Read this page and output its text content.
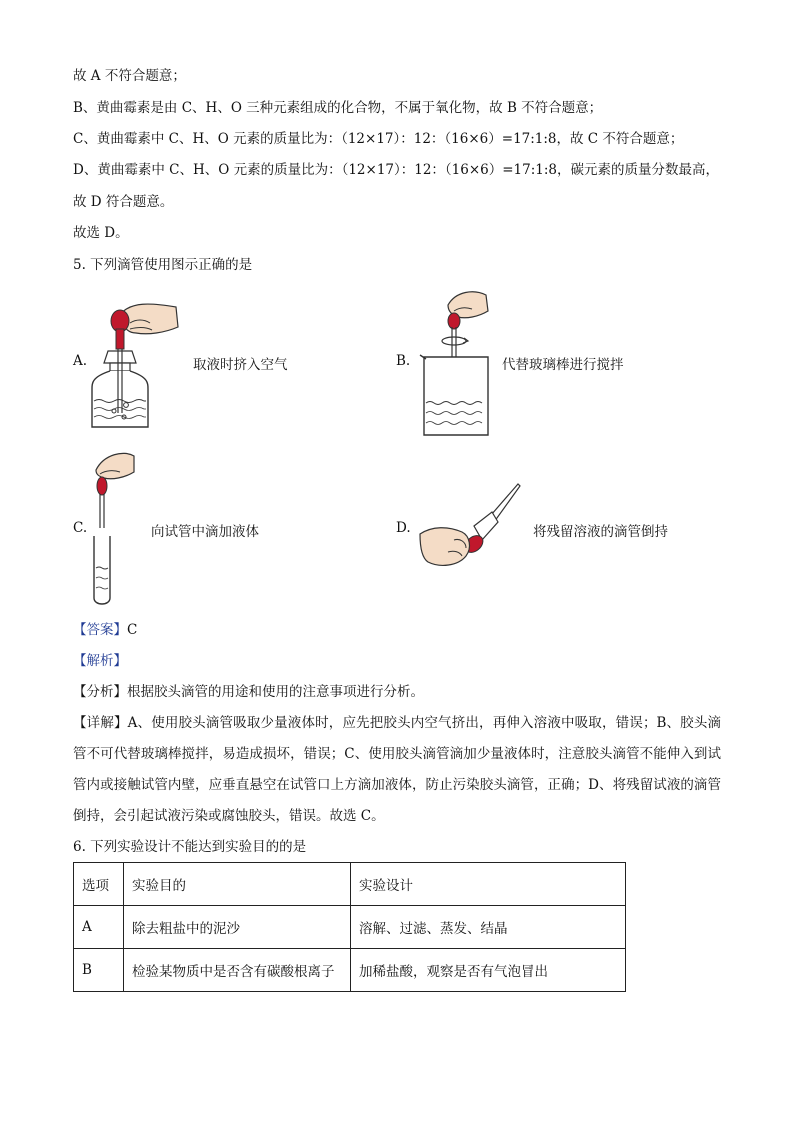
故 A 不符合题意；
B、黄曲霉素是由 C、H、O 三种元素组成的化合物，不属于氧化物，故 B 不符合题意；
C、黄曲霉素中 C、H、O 元素的质量比为：（12×17）：12：（16×6）=17:1:8，故 C 不符合题意；
D、黄曲霉素中 C、H、O 元素的质量比为：（12×17）：12：（16×6）=17:1:8，碳元素的质量分数最高，
故 D 符合题意。
故选 D。
5. 下列滴管使用图示正确的是
A.	取液时挤入空气	B.	代替玻璃棒进行搅拌
C.	向试管中滴加液体	D.	将残留溶液的滴管倒持
【答案】C
【解析】
【分析】根据胶头滴管的用途和使用的注意事项进行分析。
【详解】A、使用胶头滴管吸取少量液体时，应先把胶头内空气挤出，再伸入溶液中吸取，错误；B、胶头滴管不可代替玻璃棒搅拌，易造成损坏，错误；C、使用胶头滴管滴加少量液体时，注意胶头滴管不能伸入到试管内或接触试管内壁，应垂直悬空在试管口上方滴加液体，防止污染胶头滴管，正确；D、将残留试液的滴管倒持，会引起试液污染或腐蚀胶头，错误。故选 C。
6. 下列实验设计不能达到实验目的的是
选项	实验目的	实验设计
A	除去粗盐中的泥沙	溶解、过滤、蒸发、结晶
B	检验某物质中是否含有碳酸根离子	加稀盐酸，观察是否有气泡冒出
